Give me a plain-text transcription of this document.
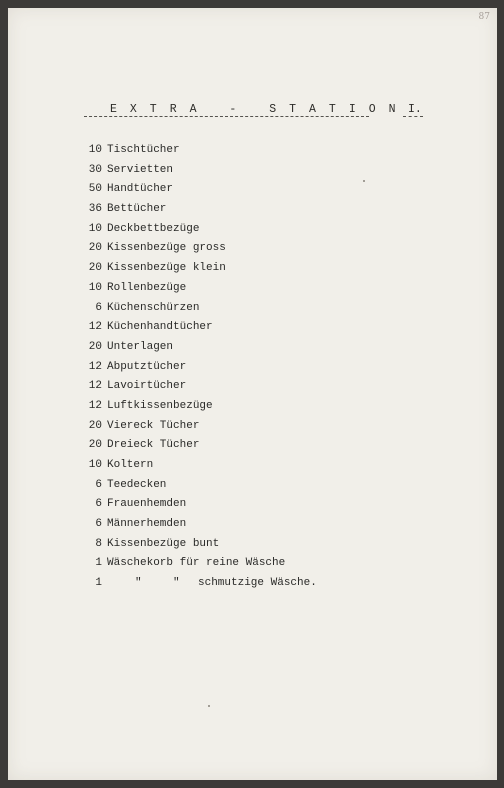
87
EXTRA - STATION I.
10 Tischtücher
30 Servietten
50 Handtücher
36 Bettücher
10 Deckbettbezüge
20 Kissenbezüge gross
20 Kissenbezüge klein
10 Rollenbezüge
6 Küchenschürzen
12 Küchenhandtücher
20 Unterlagen
12 Abputztücher
12 Lavoirtücher
12 Luftkissenbezüge
20 Viereck Tücher
20 Dreieck Tücher
10 Koltern
6 Teedecken
6 Frauenhemden
6 Männerhemden
8 Kissenbezüge bunt
1 Wäschekorb für reine Wäsche
1	"	" schmutzige Wäsche.
